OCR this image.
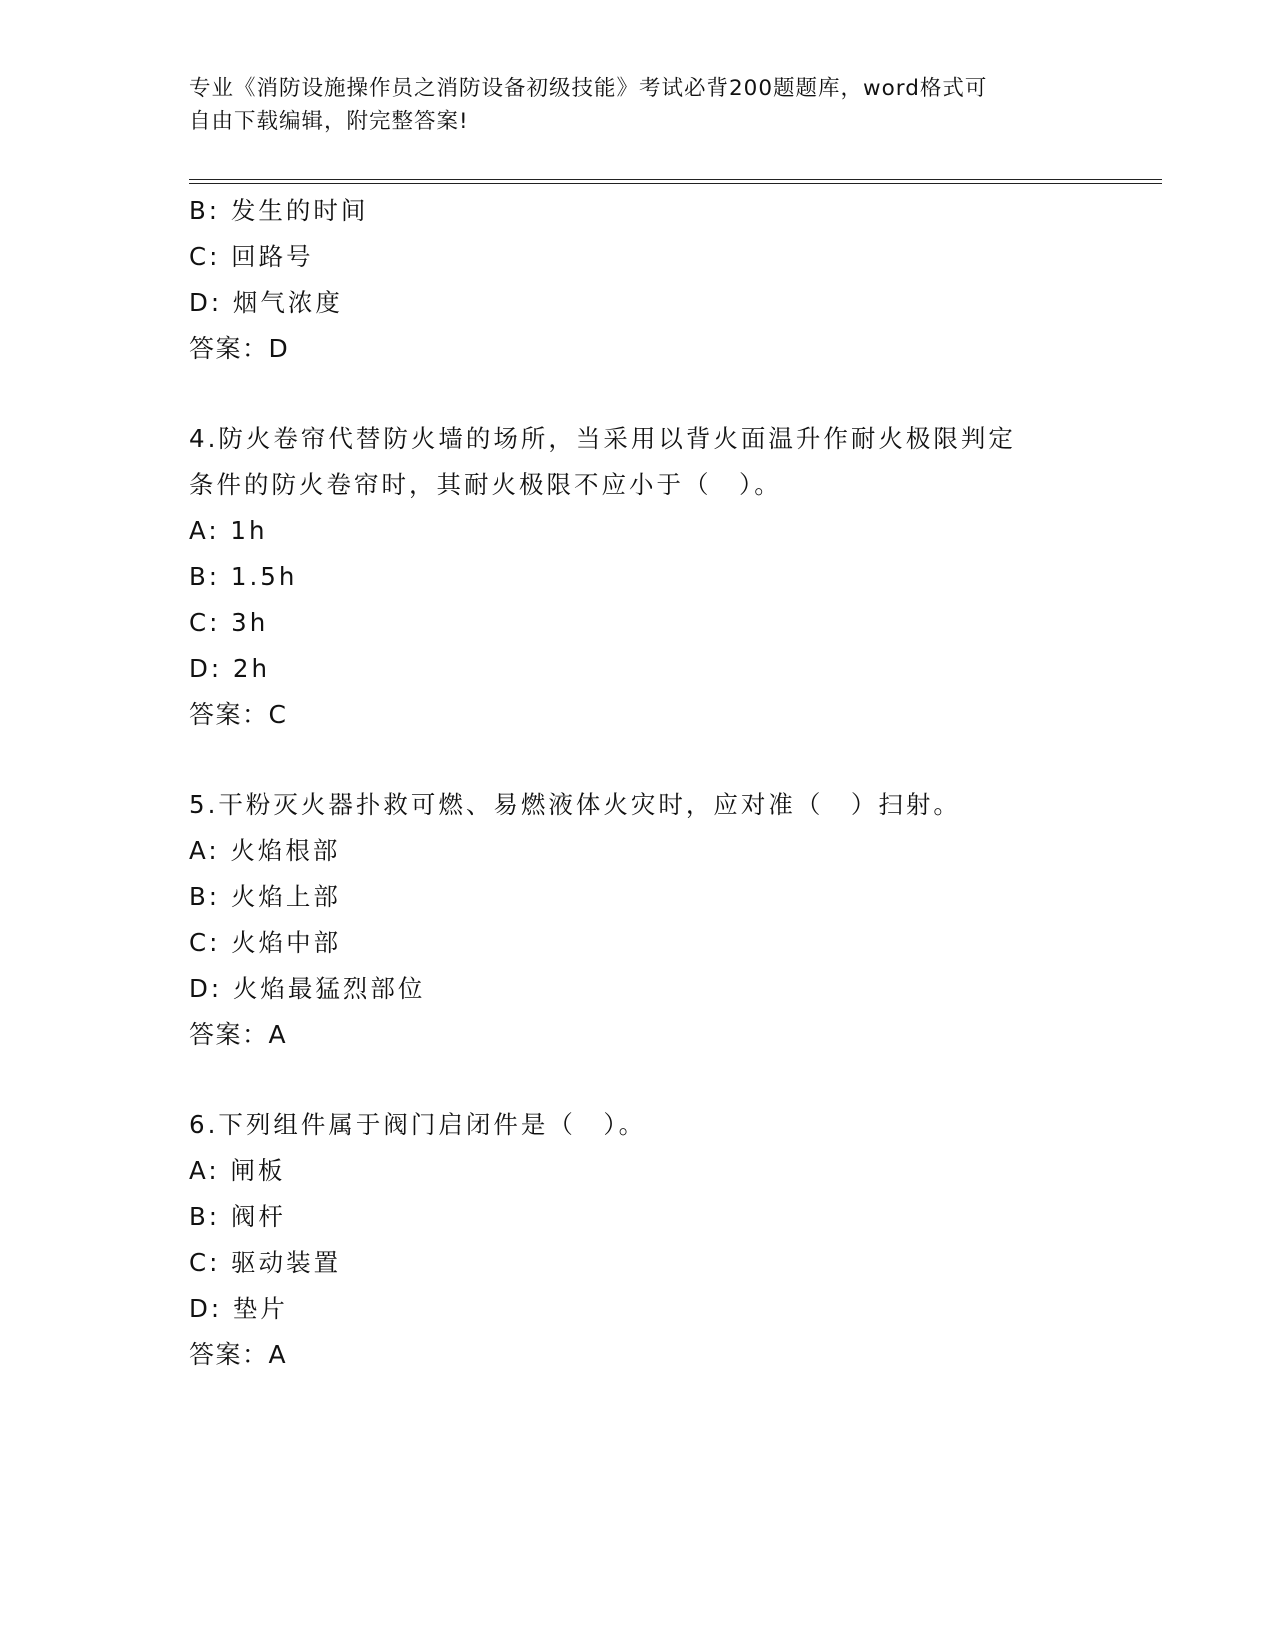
专业《消防设施操作员之消防设备初级技能》考试必背200题题库，word格式可
自由下载编辑，附完整答案!
B: 发生的时间
C: 回路号
D: 烟气浓度
答案：D
4.防火卷帘代替防火墙的场所，当采用以背火面温升作耐火极限判定
条件的防火卷帘时，其耐火极限不应小于（　）。
A: 1h
B: 1.5h
C: 3h
D: 2h
答案：C
5.干粉灭火器扑救可燃、易燃液体火灾时，应对准（　）扫射。
A: 火焰根部
B: 火焰上部
C: 火焰中部
D: 火焰最猛烈部位
答案：A
6.下列组件属于阀门启闭件是（　）。
A: 闸板
B: 阀杆
C: 驱动装置
D: 垫片
答案：A
